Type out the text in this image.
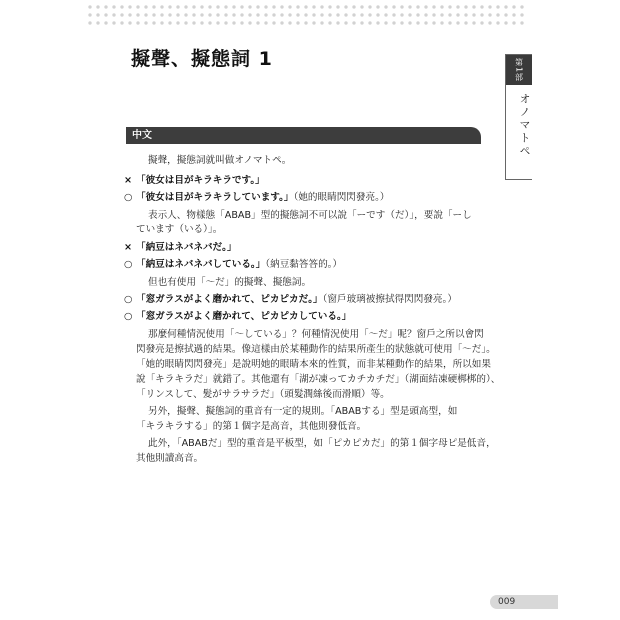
擬聲、擬態詞 1	第1部
オノマトペ
中文
擬聲，擬態詞就叫做オノマトペ。
× 「彼女は目がキラキラです。」
○ 「彼女は目がキラキラしています。」（她的眼睛閃閃發亮。）
表示人、物樣態「ABAB」型的擬態詞不可以說「ーです（だ）」，要說「ーし
ています（いる）」。
× 「納豆はネバネバだ。」
○ 「納豆はネバネバしている。」（納豆黏答答的。）
但也有使用「～だ」的擬聲、擬態詞。
○ 「窓ガラスがよく磨かれて、ピカピカだ。」（窗戶玻璃被擦拭得閃閃發亮。）
○ 「窓ガラスがよく磨かれて、ピカピカしている。」
那麼何種情況使用「～している」？何種情況使用「～だ」呢？窗戶之所以會閃
閃發亮是擦拭過的結果。像這樣由於某種動作的結果所產生的狀態就可使用「～だ」。
「她的眼睛閃閃發亮」是說明她的眼睛本來的性質，而非某種動作的結果，所以如果
說「キラキラだ」就錯了。其他還有「湖が凍ってカチカチだ」（湖面結凍硬梆梆的）、
「リンスして、髪がサラサラだ」（頭髮潤絲後而滑順）等。
另外，擬聲、擬態詞的重音有一定的規則。「ABABする」型是頭高型，如
「キラキラする」的第１個字是高音，其他則發低音。
此外，「ABABだ」型的重音是平板型，如「ピカピカだ」的第１個字母ピ是低音，
其他則讀高音。
009
